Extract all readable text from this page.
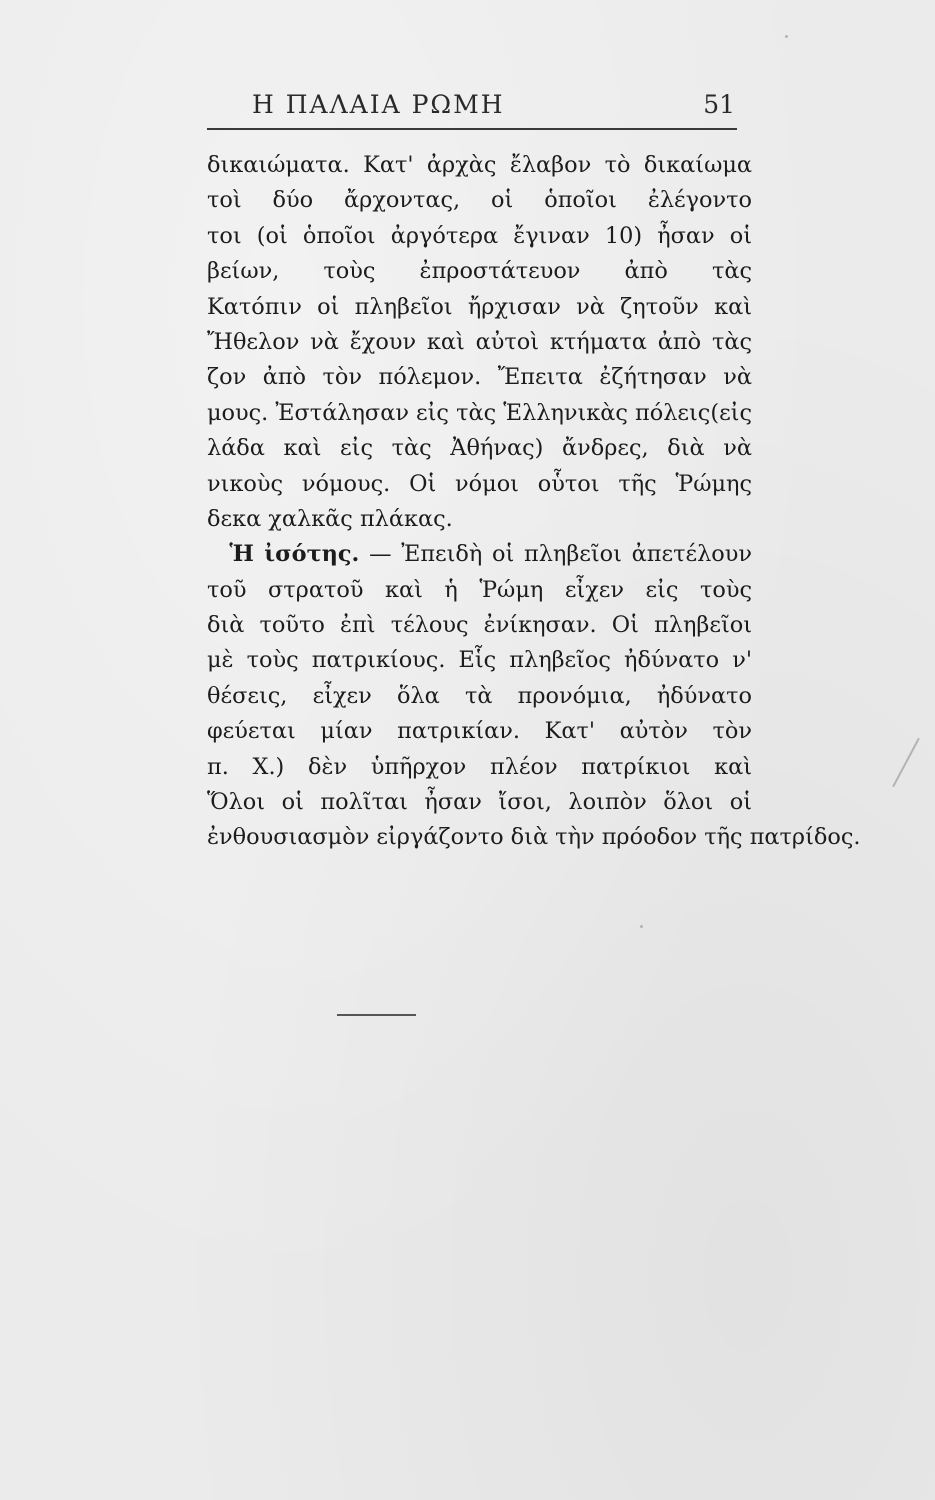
Η ΠΑΛΑΙΑ ΡΩΜΗ	51
δικαιώματα. Κατ' ἀρχὰς ἔλαβον τὸ δικαίωμα
τοὶ δύο ἄρχοντας, οἱ ὁποῖοι ἐλέγοντο
τοι (οἱ ὁποῖοι ἀργότερα ἔγιναν 10) ἦσαν οἱ
βείων, τοὺς ἐπροστάτευον ἀπὸ τὰς
Κατόπιν οἱ πληβεῖοι ἤρχισαν νὰ ζητοῦν καὶ
Ἤθελον νὰ ἔχουν καὶ αὐτοὶ κτήματα ἀπὸ τὰς
ζον ἀπὸ τὸν πόλεμον. Ἔπειτα ἐζήτησαν νὰ
μους. Ἐστάλησαν εἰς τὰς Ἑλληνικὰς πόλεις(εἰς
λάδα καὶ εἰς τὰς Ἀθήνας) ἄνδρες, διὰ νὰ
νικοὺς νόμους. Οἱ νόμοι οὗτοι τῆς Ῥώμης
δεκα χαλκᾶς πλάκας.
 Ἡ ἰσότης. — Ἐπειδὴ οἱ πληβεῖοι ἀπετέλουν
τοῦ στρατοῦ καὶ ἡ Ῥώμη εἶχεν εἰς τοὺς
διὰ τοῦτο ἐπὶ τέλους ἐνίκησαν. Οἱ πληβεῖοι
μὲ τοὺς πατρικίους. Εἷς πληβεῖος ἠδύνατο ν'
θέσεις, εἶχεν ὅλα τὰ προνόμια, ἠδύνατο
φεύεται μίαν πατρικίαν. Κατ' αὐτὸν τὸν
π. Χ.) δὲν ὑπῆρχον πλέον πατρίκιοι καὶ
Ὅλοι οἱ πολῖται ἦσαν ἴσοι, λοιπὸν ὅλοι οἱ
ἐνθουσιασμὸν εἰργάζοντο διὰ τὴν πρόοδον τῆς πατρίδος.
